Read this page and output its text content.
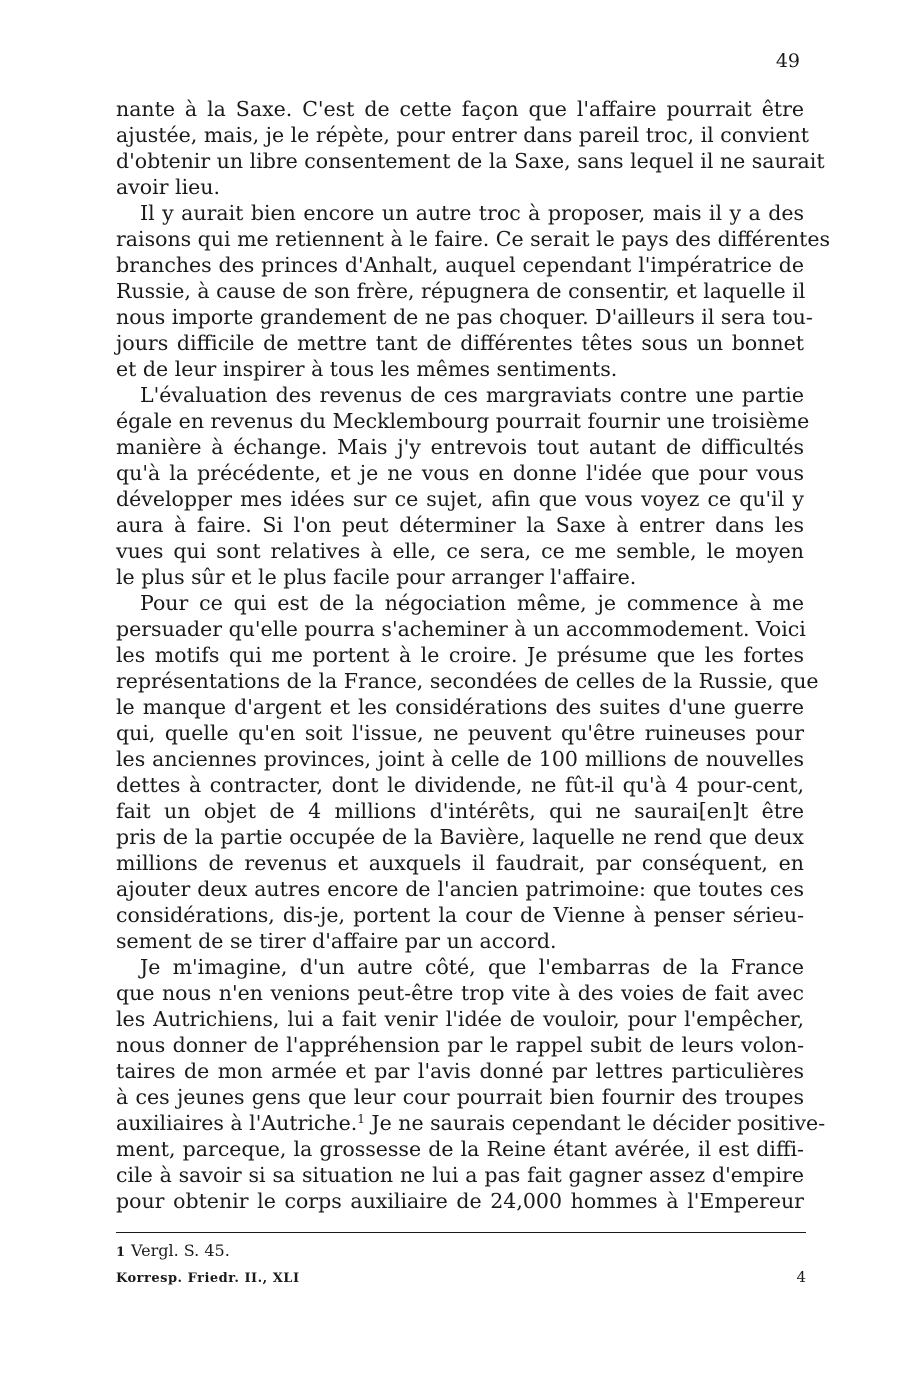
49
nante à la Saxe. C'est de cette façon que l'affaire pourrait être
ajustée, mais, je le répète, pour entrer dans pareil troc, il convient
d'obtenir un libre consentement de la Saxe, sans lequel il ne saurait
avoir lieu.
Il y aurait bien encore un autre troc à proposer, mais il y a des
raisons qui me retiennent à le faire. Ce serait le pays des différentes
branches des princes d'Anhalt, auquel cependant l'impératrice de
Russie, à cause de son frère, répugnera de consentir, et laquelle il
nous importe grandement de ne pas choquer. D'ailleurs il sera tou-
jours difficile de mettre tant de différentes têtes sous un bonnet
et de leur inspirer à tous les mêmes sentiments.
L'évaluation des revenus de ces margraviats contre une partie
égale en revenus du Mecklembourg pourrait fournir une troisième
manière à échange. Mais j'y entrevois tout autant de difficultés
qu'à la précédente, et je ne vous en donne l'idée que pour vous
développer mes idées sur ce sujet, afin que vous voyez ce qu'il y
aura à faire. Si l'on peut déterminer la Saxe à entrer dans les
vues qui sont relatives à elle, ce sera, ce me semble, le moyen
le plus sûr et le plus facile pour arranger l'affaire.
Pour ce qui est de la négociation même, je commence à me
persuader qu'elle pourra s'acheminer à un accommodement. Voici
les motifs qui me portent à le croire. Je présume que les fortes
représentations de la France, secondées de celles de la Russie, que
le manque d'argent et les considérations des suites d'une guerre
qui, quelle qu'en soit l'issue, ne peuvent qu'être ruineuses pour
les anciennes provinces, joint à celle de 100 millions de nouvelles
dettes à contracter, dont le dividende, ne fût-il qu'à 4 pour-cent,
fait un objet de 4 millions d'intérêts, qui ne saurai[en]t être
pris de la partie occupée de la Bavière, laquelle ne rend que deux
millions de revenus et auxquels il faudrait, par conséquent, en
ajouter deux autres encore de l'ancien patrimoine: que toutes ces
considérations, dis-je, portent la cour de Vienne à penser sérieu-
sement de se tirer d'affaire par un accord.
Je m'imagine, d'un autre côté, que l'embarras de la France
que nous n'en venions peut-être trop vite à des voies de fait avec
les Autrichiens, lui a fait venir l'idée de vouloir, pour l'empêcher,
nous donner de l'appréhension par le rappel subit de leurs volon-
taires de mon armée et par l'avis donné par lettres particulières
à ces jeunes gens que leur cour pourrait bien fournir des troupes
auxiliaires à l'Autriche.$^1$ Je ne saurais cependant le décider positive-
ment, parceque, la grossesse de la Reine étant avérée, il est diffi-
cile à savoir si sa situation ne lui a pas fait gagner assez d'empire
pour obtenir le corps auxiliaire de 24,000 hommes à l'Empereur
1 Vergl. S. 45.
Korresp. Friedr. II., XLI	4
